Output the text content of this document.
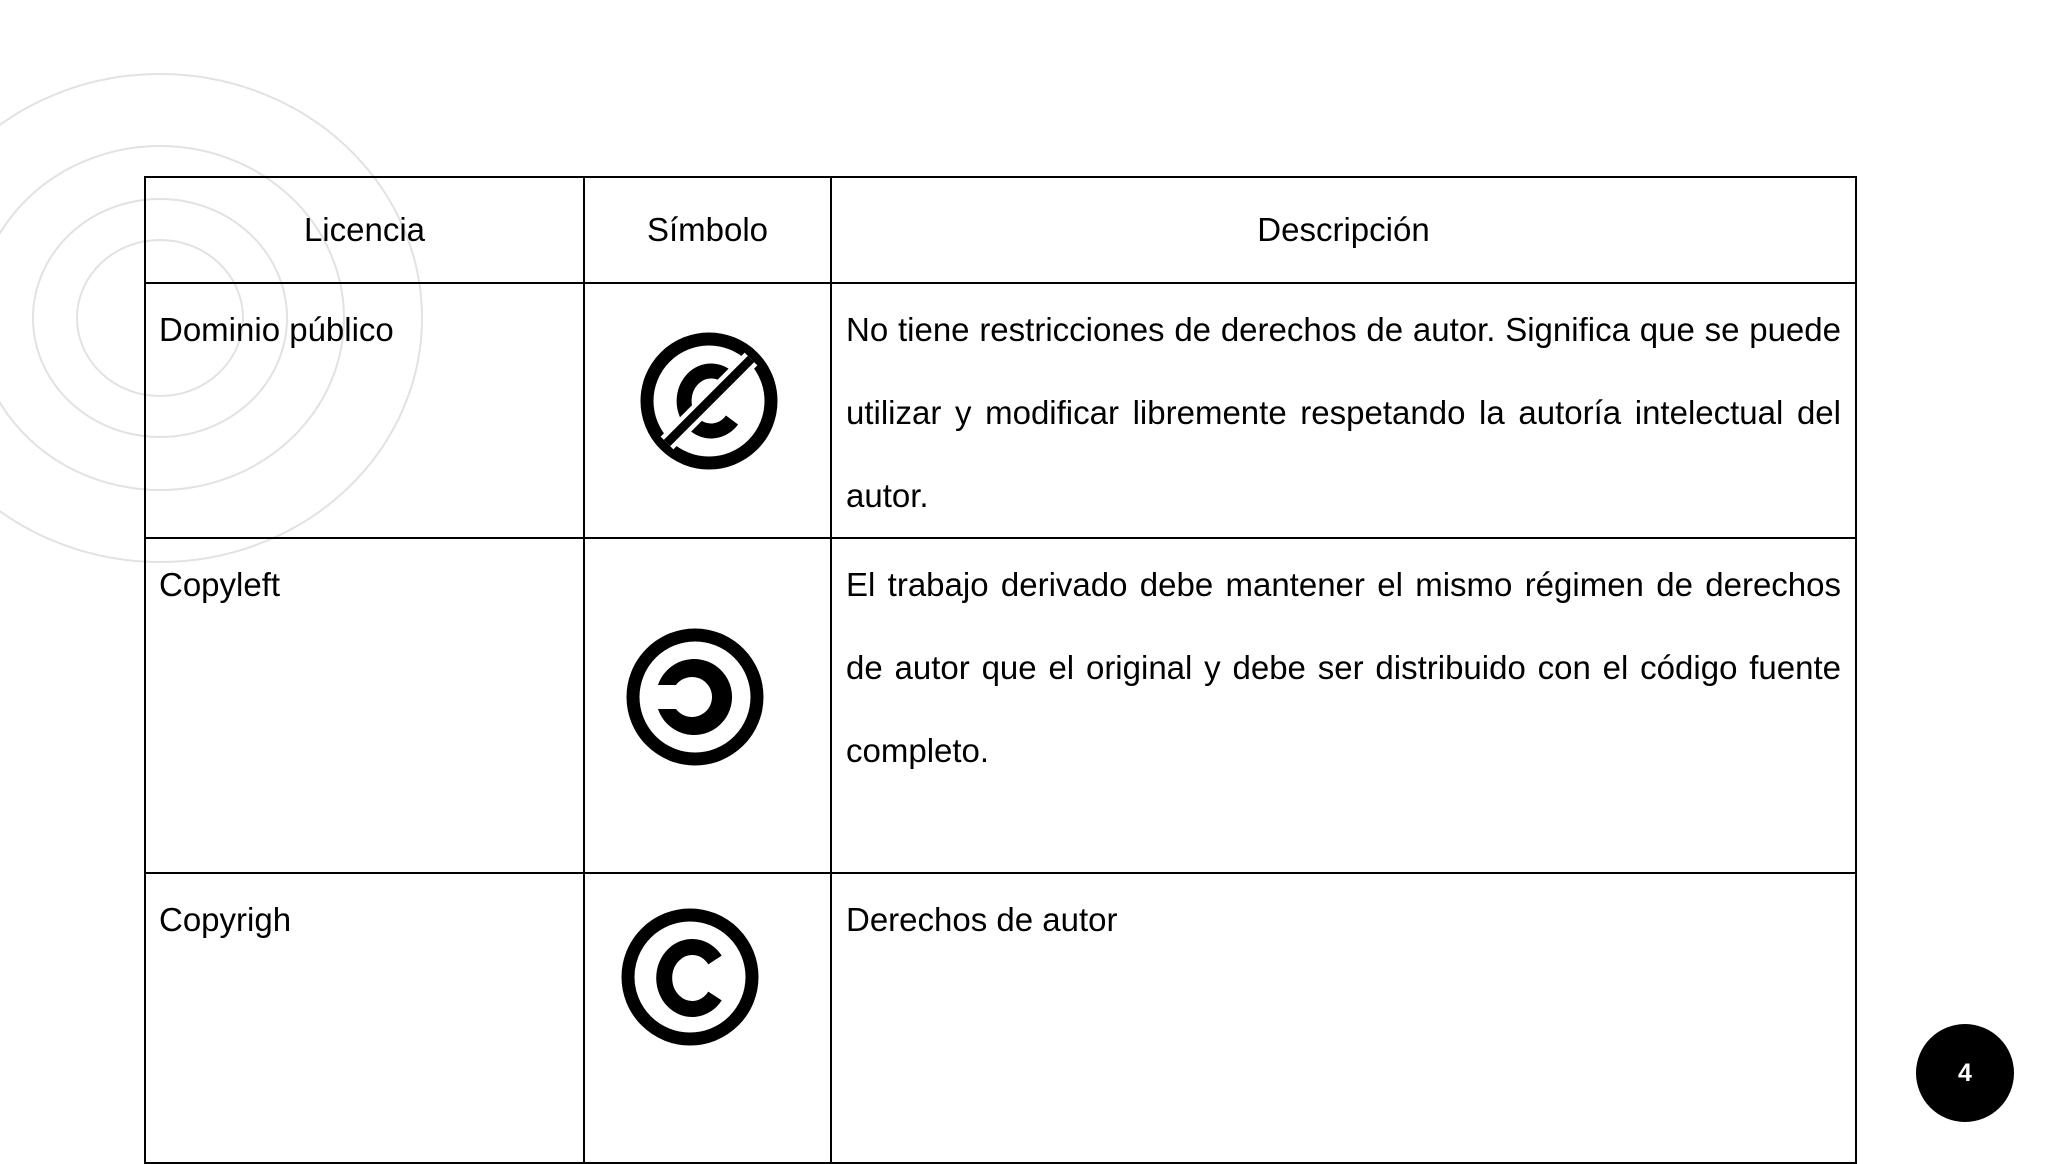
Licencia	Símbolo	Descripción

Dominio público		No tiene restricciones de derechos de autor. Significa que se puede utilizar y modificar libremente respetando la autoría intelectual del autor.

Copyleft		El trabajo derivado debe mantener el mismo régimen de derechos de autor que el original y debe ser distribuido con el código fuente completo.

Copyrigh		Derechos de autor
4
